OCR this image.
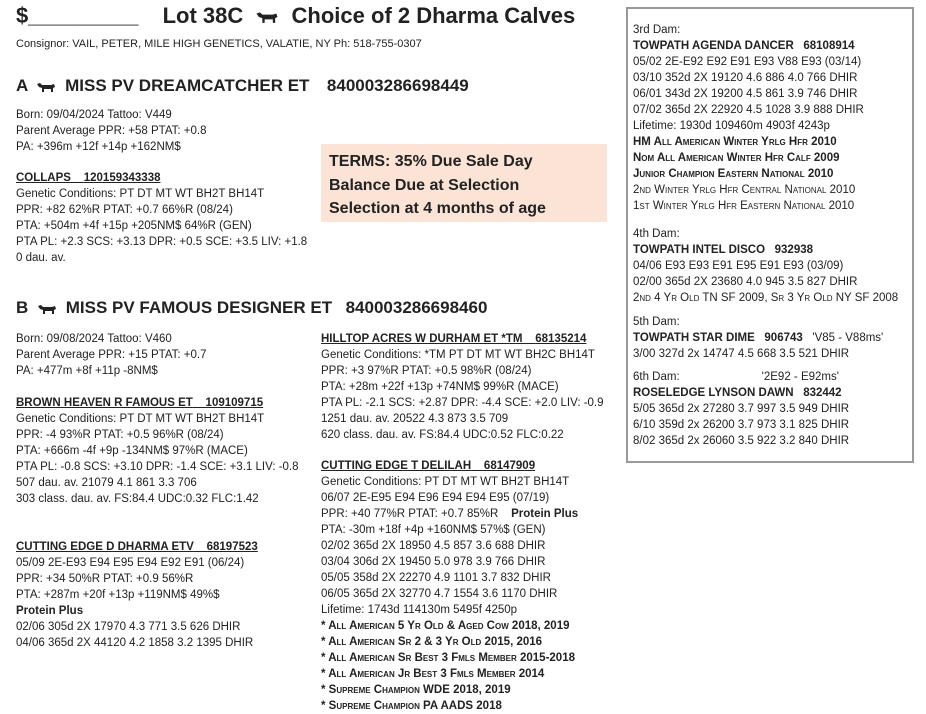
$_________ Lot 38C Choice of 2 Dharma Calves
Consignor: VAIL, PETER, MILE HIGH GENETICS, VALATIE, NY Ph: 518-755-0307
A MISS PV DREAMCATCHER ET 840003286698449
Born: 09/04/2024 Tattoo: V449
Parent Average PPR: +58 PTAT: +0.8
PA: +396m +12f +14p +162NM$
COLLAPS 120159343338
Genetic Conditions: PT DT MT WT BH2T BH14T
PPR: +82 62%R PTAT: +0.7 66%R (08/24)
PTA: +504m +4f +15p +205NM$ 64%R (GEN)
PTA PL: +2.3 SCS: +3.13 DPR: +0.5 SCE: +3.5 LIV: +1.8
0 dau. av.
TERMS: 35% Due Sale Day
Balance Due at Selection
Selection at 4 months of age
B MISS PV FAMOUS DESIGNER ET 840003286698460
Born: 09/08/2024 Tattoo: V460
Parent Average PPR: +15 PTAT: +0.7
PA: +477m +8f +11p -8NM$
BROWN HEAVEN R FAMOUS ET 109109715
Genetic Conditions: PT DT MT WT BH2T BH14T
PPR: -4 93%R PTAT: +0.5 96%R (08/24)
PTA: +666m -4f +9p -134NM$ 97%R (MACE)
PTA PL: -0.8 SCS: +3.10 DPR: -1.4 SCE: +3.1 LIV: -0.8
507 dau. av. 21079 4.1 861 3.3 706
303 class. dau. av. FS:84.4 UDC:0.32 FLC:1.42
CUTTING EDGE D DHARMA ETV 68197523
05/09 2E-E93 E94 E95 E94 E92 E91 (06/24)
PPR: +34 50%R PTAT: +0.9 56%R
PTA: +287m +20f +13p +119NM$ 49%$
Protein Plus
02/06 305d 2X 17970 4.3 771 3.5 626 DHIR
04/06 365d 2X 44120 4.2 1858 3.2 1395 DHIR
HILLTOP ACRES W DURHAM ET *TM 68135214
Genetic Conditions: *TM PT DT MT WT BH2C BH14T
PPR: +3 97%R PTAT: +0.5 98%R (08/24)
PTA: +28m +22f +13p +74NM$ 99%R (MACE)
PTA PL: -2.1 SCS: +2.87 DPR: -4.4 SCE: +2.0 LIV: -0.9
1251 dau. av. 20522 4.3 873 3.5 709
620 class. dau. av. FS:84.4 UDC:0.52 FLC:0.22
CUTTING EDGE T DELILAH 68147909
Genetic Conditions: PT DT MT WT BH2T BH14T
06/07 2E-E95 E94 E96 E94 E94 E95 (07/19)
PPR: +40 77%R PTAT: +0.7 85%R Protein Plus
PTA: -30m +18f +4p +160NM$ 57%$ (GEN)
02/02 365d 2X 18950 4.5 857 3.6 688 DHIR
03/04 306d 2X 19450 5.0 978 3.9 766 DHIR
05/05 358d 2X 22270 4.9 1101 3.7 832 DHIR
06/05 365d 2X 32770 4.7 1554 3.6 1170 DHIR
Lifetime: 1743d 114130m 5495f 4250p
* All American 5 Yr Old & Aged Cow 2018, 2019
* All American Sr 2 & 3 Yr Old 2015, 2016
* All American Sr Best 3 Fmls Member 2015-2018
* All American Jr Best 3 Fmls Member 2014
* Supreme Champion WDE 2018, 2019
* Supreme Champion PA AADS 2018
3rd Dam:
TOWPATH AGENDA DANCER 68108914
05/02 2E-E92 E92 E91 E93 V88 E93 (03/14)
03/10 352d 2X 19120 4.6 886 4.0 766 DHIR
06/01 343d 2X 19200 4.5 861 3.9 746 DHIR
07/02 365d 2X 22920 4.5 1028 3.9 888 DHIR
Lifetime: 1930d 109460m 4903f 4243p
HM All American Winter Yrlg Hfr 2010
Nom All American Winter Hfr Calf 2009
Junior Champion Eastern National 2010
2nd Winter Yrlg Hfr Central National 2010
1st Winter Yrlg Hfr Eastern National 2010
4th Dam:
TOWPATH INTEL DISCO 932938
04/06 E93 E93 E91 E95 E91 E93 (03/09)
02/00 365d 2X 23680 4.0 945 3.5 827 DHIR
2nd 4 Yr Old TN SF 2009, Sr 3 Yr Old NY SF 2008
5th Dam:
TOWPATH STAR DIME 906743 'V85 - V88ms'
3/00 327d 2x 14747 4.5 668 3.5 521 DHIR
6th Dam:	'2E92 - E92ms'
ROSELEDGE LYNSON DAWN 832442
5/05 365d 2x 27280 3.7 997 3.5 949 DHIR
6/10 359d 2x 26200 3.7 973 3.1 825 DHIR
8/02 365d 2x 26060 3.5 922 3.2 840 DHIR
